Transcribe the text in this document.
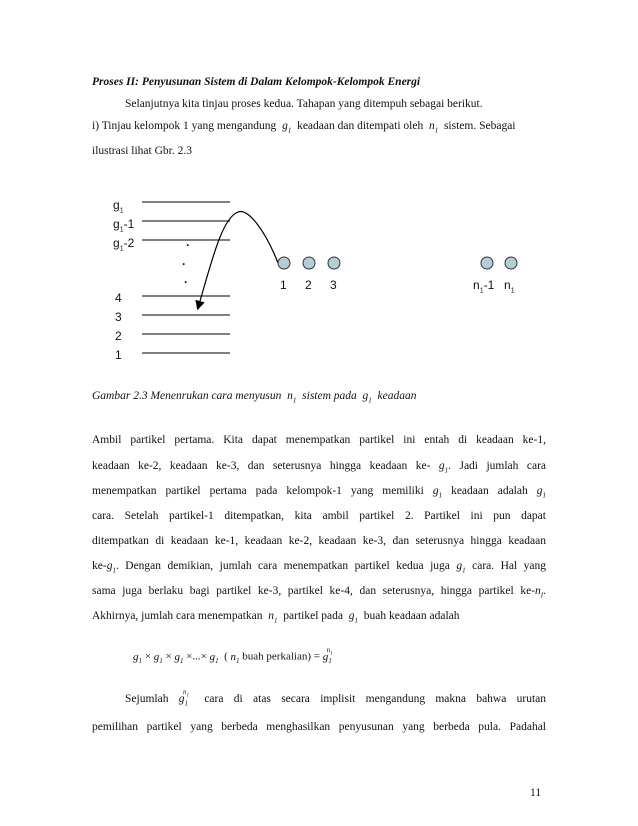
Proses II: Penyusunan Sistem di Dalam Kelompok-Kelompok Energi
Selanjutnya kita tinjau proses kedua. Tahapan yang ditempuh sebagai berikut.
i) Tinjau kelompok 1 yang mengandung $g_1$ keadaan dan ditempati oleh $n_1$ sistem. Sebagai
ilustrasi lihat Gbr. 2.3
$g_1$
$g_1-1$
$g_1-2$
4
3
2
1
.
.
.	1 2 3	$n_1-1$ $n_1$
Gambar 2.3 Menenrukan cara menyusun $n_1$ sistem pada $g_1$ keadaan
Ambil partikel pertama. Kita dapat menempatkan partikel ini entah di keadaan ke-1,
keadaan ke-2, keadaan ke-3, dan seterusnya hingga keadaan ke- $g_1$. Jadi jumlah cara
menempatkan partikel pertama pada kelompok-1 yang memiliki $g_1$ keadaan adalah $g_1$
cara. Setelah partikel-1 ditempatkan, kita ambil partikel 2. Partikel ini pun dapat
ditempatkan di keadaan ke-1, keadaan ke-2, keadaan ke-3, dan seterusnya hingga keadaan
$ke-g_1$. Dengan demikian, jumlah cara menempatkan partikel kedua juga $g_1$ cara. Hal yang
sama juga berlaku bagi partikel ke-3, partikel ke-4, dan seterusnya, hingga partikel $ke-n_I$.
Akhirnya, jumlah cara menempatkan $n_1$ partikel pada $g_1$ buah keadaan adalah
$g_1 \times g_1 \times g_1$ ×...× $g_1$ ( $n_1$ buah perkalian) = $g_1^{n_1}$
Sejumlah $g_1^{n_1}$ cara di atas secara implisit mengandung makna bahwa urutan
pemilihan partikel yang berbeda menghasilkan penyusunan yang berbeda pula. Padahal
11
